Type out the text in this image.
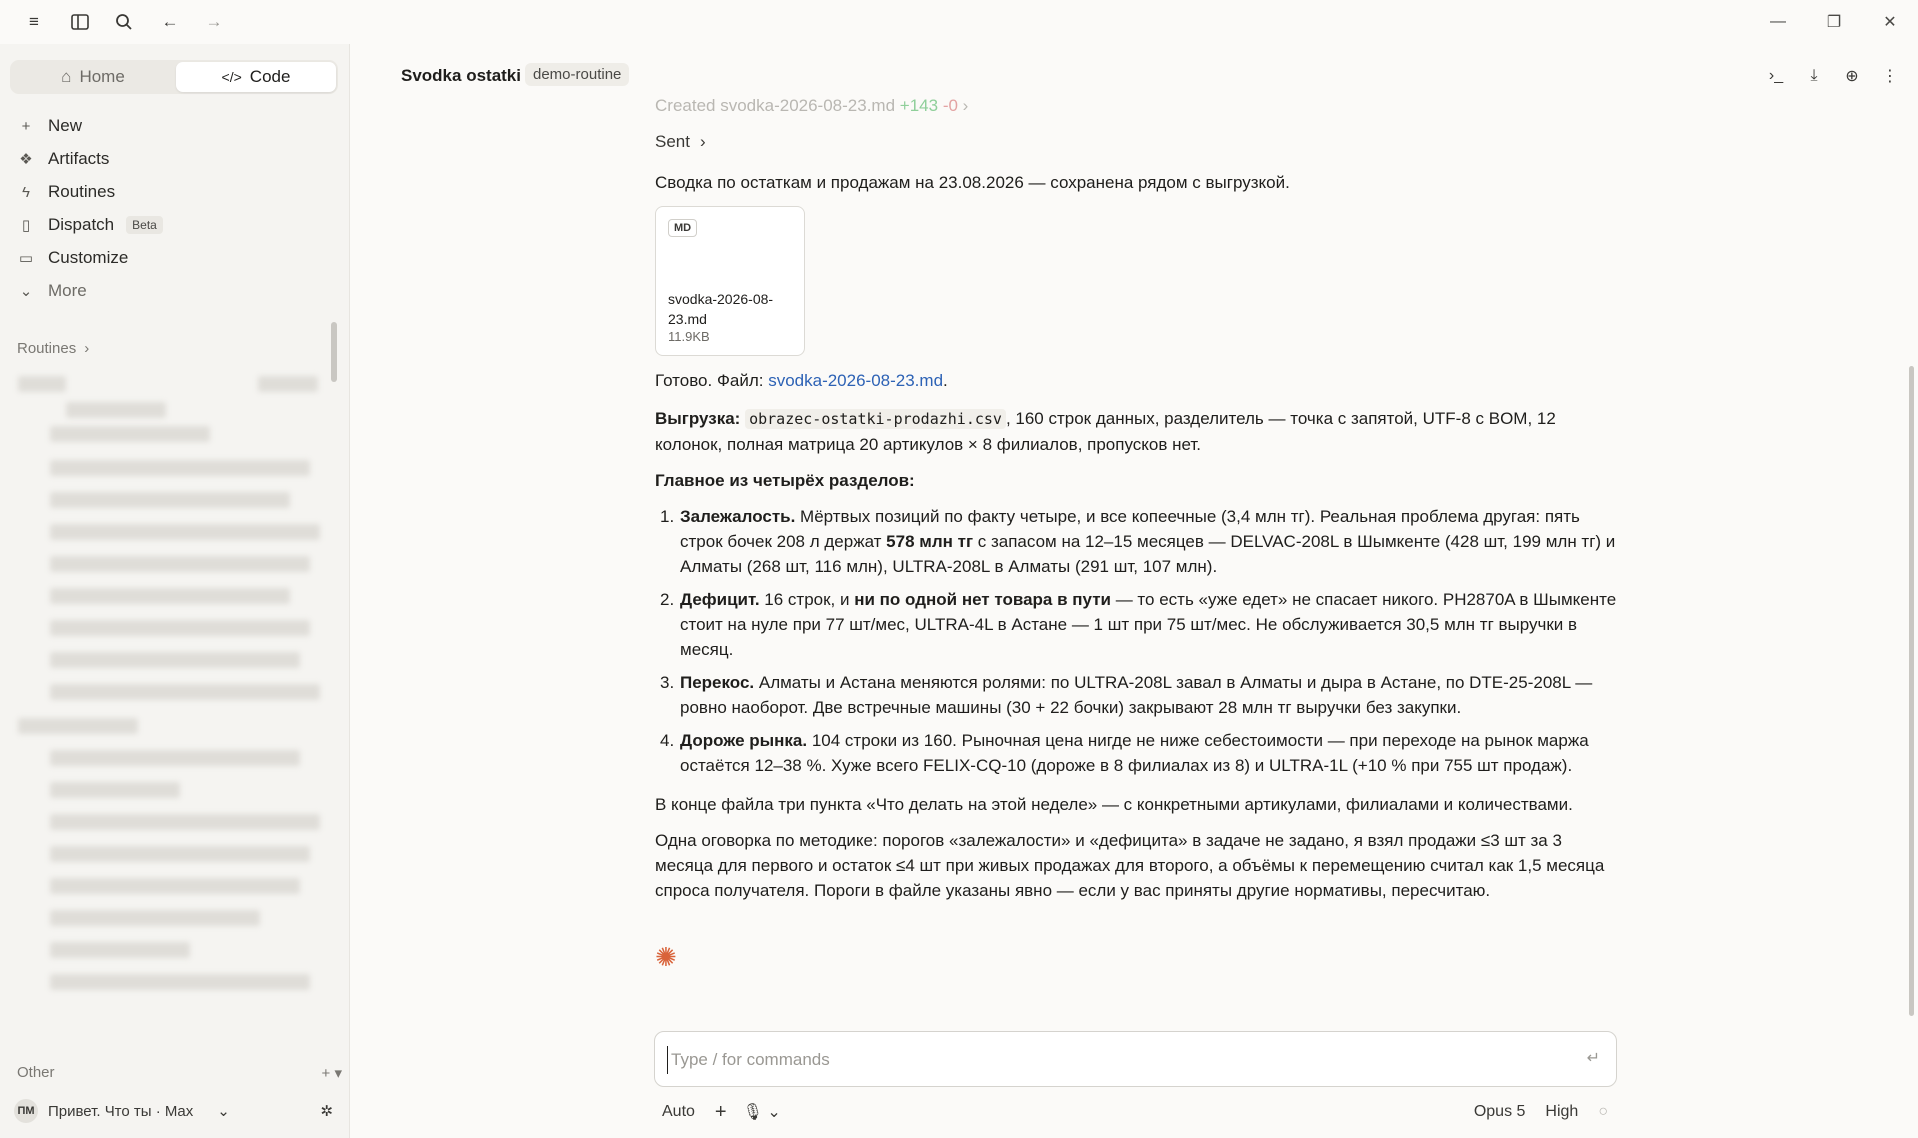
≡	← →	—	❐	✕
⌂ Home	</> Code
+	New
❖ Artifacts
ϟ	Routines
▯	Dispatch	Beta
▭ Customize
⌄ More
Routines ›
Other	+ ▾
ПМ Привет. Что ты · Max ⌄	✲
Svodka ostatki demo-routine	›_	⤓	⊕	⋮
Created svodka-2026-08-23.md +143 -0 ›
Sent ›
Сводка по остаткам и продажам на 23.08.2026 — сохранена рядом с выгрузкой.
MD
svodka-2026-08-23.md
11.9KB
Готово. Файл: svodka-2026-08-23.md.
Выгрузка: obrazec-ostatki-prodazhi.csv , 160 строк данных, разделитель — точка с запятой, UTF-8 с BOM, 12 колонок, полная матрица 20 артикулов × 8 филиалов, пропусков нет.
Главное из четырёх разделов:
1. Залежалость. Мёртвых позиций по факту четыре, и все копеечные (3,4 млн тг). Реальная проблема другая: пять строк бочек 208 л держат 578 млн тг с запасом на 12–15 месяцев — DELVAC-208L в Шымкенте (428 шт, 199 млн тг) и Алматы (268 шт, 116 млн), ULTRA-208L в Алматы (291 шт, 107 млн).
2. Дефицит. 16 строк, и ни по одной нет товара в пути — то есть «уже едет» не спасает никого. PH2870A в Шымкенте стоит на нуле при 77 шт/мес, ULTRA-4L в Астане — 1 шт при 75 шт/мес. Не обслуживается 30,5 млн тг выручки в месяц.
3. Перекос. Алматы и Астана меняются ролями: по ULTRA-208L завал в Алматы и дыра в Астане, по DTE-25-208L — ровно наоборот. Две встречные машины (30 + 22 бочки) закрывают 28 млн тг выручки без закупки.
4. Дороже рынка. 104 строки из 160. Рыночная цена нигде не ниже себестоимости — при переходе на рынок маржа остаётся 12–38 %. Хуже всего FELIX-CQ-10 (дороже в 8 филиалах из 8) и ULTRA-1L (+10 % при 755 шт продаж).
В конце файла три пункта «Что делать на этой неделе» — с конкретными артикулами, филиалами и количествами.
Одна оговорка по методике: порогов «залежалости» и «дефицита» в задаче не задано, я взял продажи ≤3 шт за 3 месяца для первого и остаток ≤4 шт при живых продажах для второго, а объёмы к перемещению считал как 1,5 месяца спроса получателя. Пороги в файле указаны явно — если у вас приняты другие нормативы, пересчитаю.
✺
Type / for commands
↵
Auto + 🎙︎ ⌄	Opus 5 High ○
